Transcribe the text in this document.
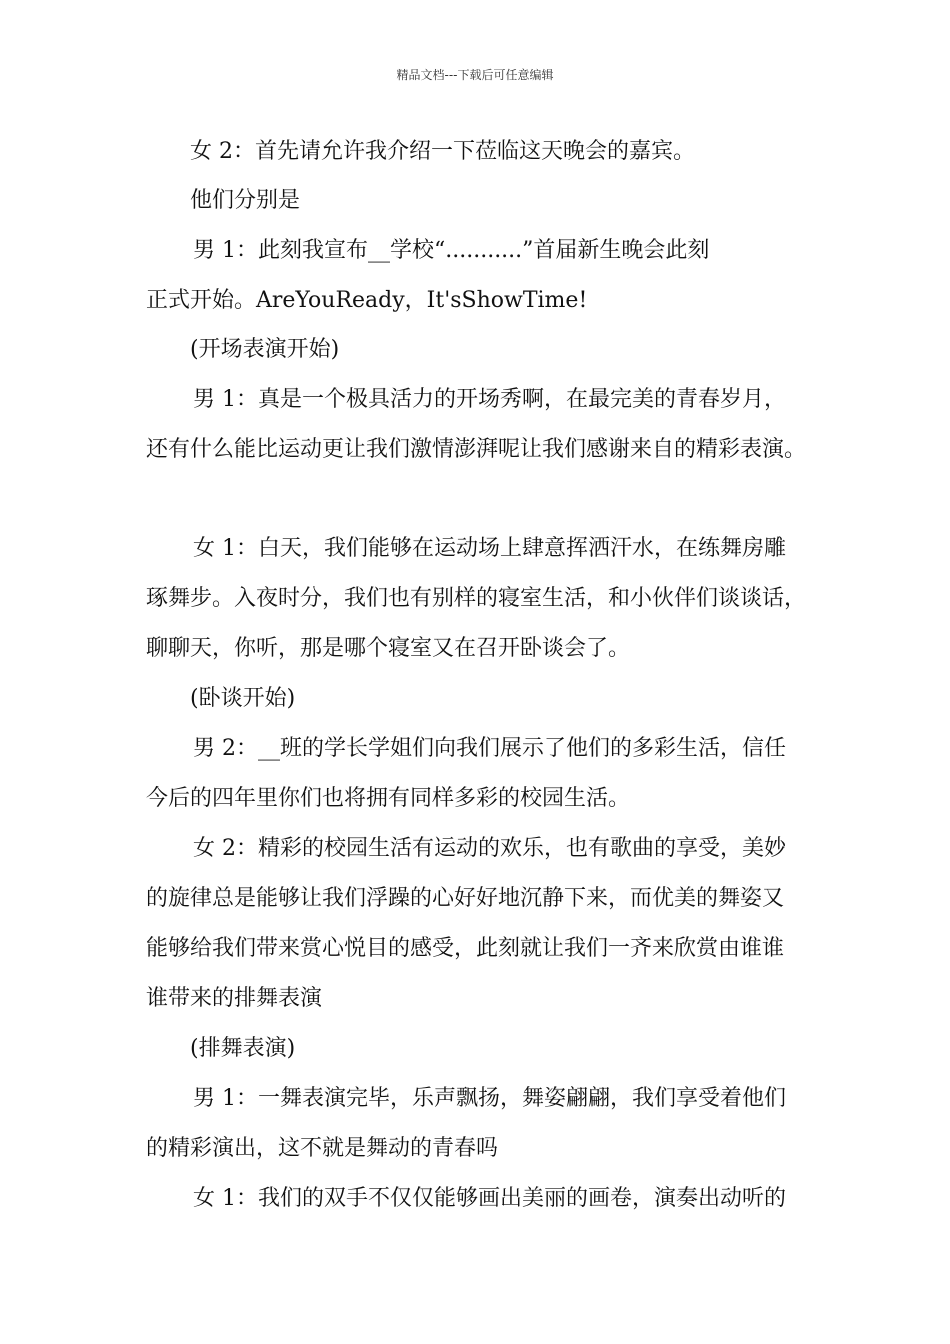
精品文档---下载后可任意编辑
女 2：首先请允许我介绍一下莅临这天晚会的嘉宾。
他们分别是
男 1：此刻我宣布__学校“...........”首届新生晚会此刻
正式开始。AreYouReady，It'sShowTime!
(开场表演开始)
男 1：真是一个极具活力的开场秀啊，在最完美的青春岁月，
还有什么能比运动更让我们激情澎湃呢让我们感谢来自的精彩表演。
女 1：白天，我们能够在运动场上肆意挥洒汗水，在练舞房雕
琢舞步。入夜时分，我们也有别样的寝室生活，和小伙伴们谈谈话，
聊聊天，你听，那是哪个寝室又在召开卧谈会了。
(卧谈开始)
男 2：__班的学长学姐们向我们展示了他们的多彩生活，信任
今后的四年里你们也将拥有同样多彩的校园生活。
女 2：精彩的校园生活有运动的欢乐，也有歌曲的享受，美妙
的旋律总是能够让我们浮躁的心好好地沉静下来，而优美的舞姿又
能够给我们带来赏心悦目的感受，此刻就让我们一齐来欣赏由谁谁
谁带来的排舞表演
(排舞表演)
男 1：一舞表演完毕，乐声飘扬，舞姿翩翩，我们享受着他们
的精彩演出，这不就是舞动的青春吗
女 1：我们的双手不仅仅能够画出美丽的画卷，演奏出动听的
